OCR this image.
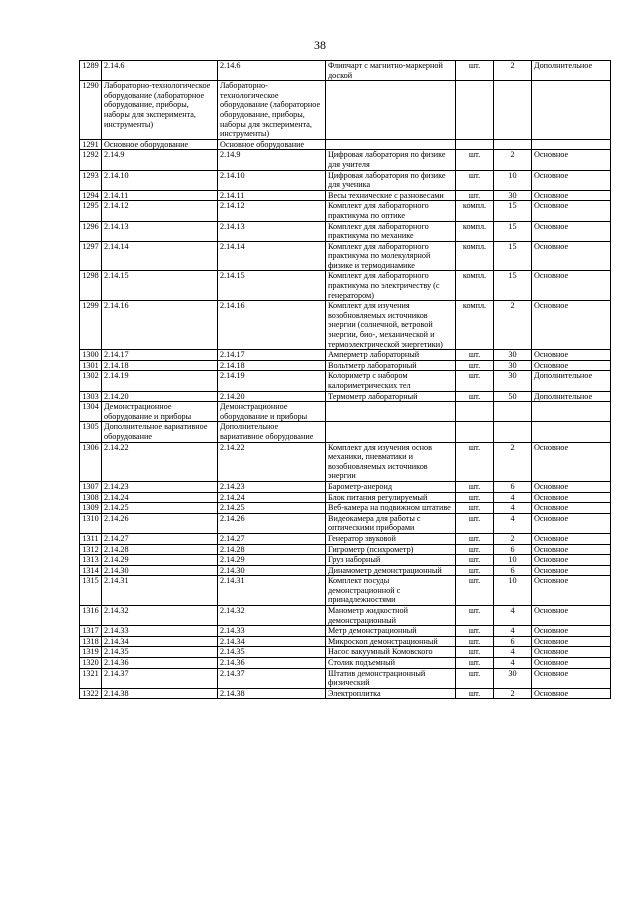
38
1289	2.14.6	2.14.6	Флипчарт с магнитно-маркерной доской	шт.	2	Дополнительное
1290	Лабораторно-технологическое оборудование (лабораторное оборудование, приборы, наборы для эксперимента, инструменты)	Лабораторно-технологическое оборудование (лабораторное оборудование, приборы, наборы для эксперимента, инструменты)				
1291	Основное оборудование	Основное оборудование				
1292	2.14.9	2.14.9	Цифровая лаборатория по физике для учителя	шт.	2	Основное
1293	2.14.10	2.14.10	Цифровая лаборатория по физике для ученика	шт.	10	Основное
1294	2.14.11	2.14.11	Весы технические с разновесами	шт.	30	Основное
1295	2.14.12	2.14.12	Комплект для лабораторного практикума по оптике	компл.	15	Основное
1296	2.14.13	2.14.13	Комплект для лабораторного практикума по механике	компл.	15	Основное
1297	2.14.14	2.14.14	Комплект для лабораторного практикума по молекулярной физике и термодинамике	компл.	15	Основное
1298	2.14.15	2.14.15	Комплект для лабораторного практикума по электричеству (с генератором)	компл.	15	Основное
1299	2.14.16	2.14.16	Комплект для изучения возобновляемых источников энергии (солнечной, ветровой энергии, био-, механической и термоэлектрической энергетики)	компл.	2	Основное
1300	2.14.17	2.14.17	Амперметр лабораторный	шт.	30	Основное
1301	2.14.18	2.14.18	Вольтметр лабораторный	шт.	30	Основное
1302	2.14.19	2.14.19	Колориметр с набором калориметрических тел	шт.	30	Дополнительное
1303	2.14.20	2.14.20	Термометр лабораторный	шт.	50	Дополнительное
1304	Демонстрационное оборудование и приборы	Демонстрационное оборудование и приборы				
1305	Дополнительное вариативное оборудование	Дополнительное вариативное оборудование				
1306	2.14.22	2.14.22	Комплект для изучения основ механики, пневматики и возобновляемых источников энергии	шт.	2	Основное
1307	2.14.23	2.14.23	Барометр-анероид	шт.	6	Основное
1308	2.14.24	2.14.24	Блок питания регулируемый	шт.	4	Основное
1309	2.14.25	2.14.25	Веб-камера на подвижном штативе	шт.	4	Основное
1310	2.14.26	2.14.26	Видеокамера для работы с оптическими приборами	шт.	4	Основное
1311	2.14.27	2.14.27	Генератор звуковой	шт.	2	Основное
1312	2.14.28	2.14.28	Гигрометр (психрометр)	шт.	6	Основное
1313	2.14.29	2.14.29	Груз наборный	шт.	10	Основное
1314	2.14.30	2.14.30	Динамометр демонстрационный	шт.	6	Основное
1315	2.14.31	2.14.31	Комплект посуды демонстрационной с принадлежностями	шт.	10	Основное
1316	2.14.32	2.14.32	Манометр жидкостной демонстрационный	шт.	4	Основное
1317	2.14.33	2.14.33	Метр демонстрационный	шт.	4	Основное
1318	2.14.34	2.14.34	Микроскоп демонстрационный	шт.	6	Основное
1319	2.14.35	2.14.35	Насос вакуумный Комовского	шт.	4	Основное
1320	2.14.36	2.14.36	Столик подъемный	шт.	4	Основное
1321	2.14.37	2.14.37	Штатив демонстрационный физический	шт.	30	Основное
1322	2.14.38	2.14.38	Электроплитка	шт.	2	Основное
